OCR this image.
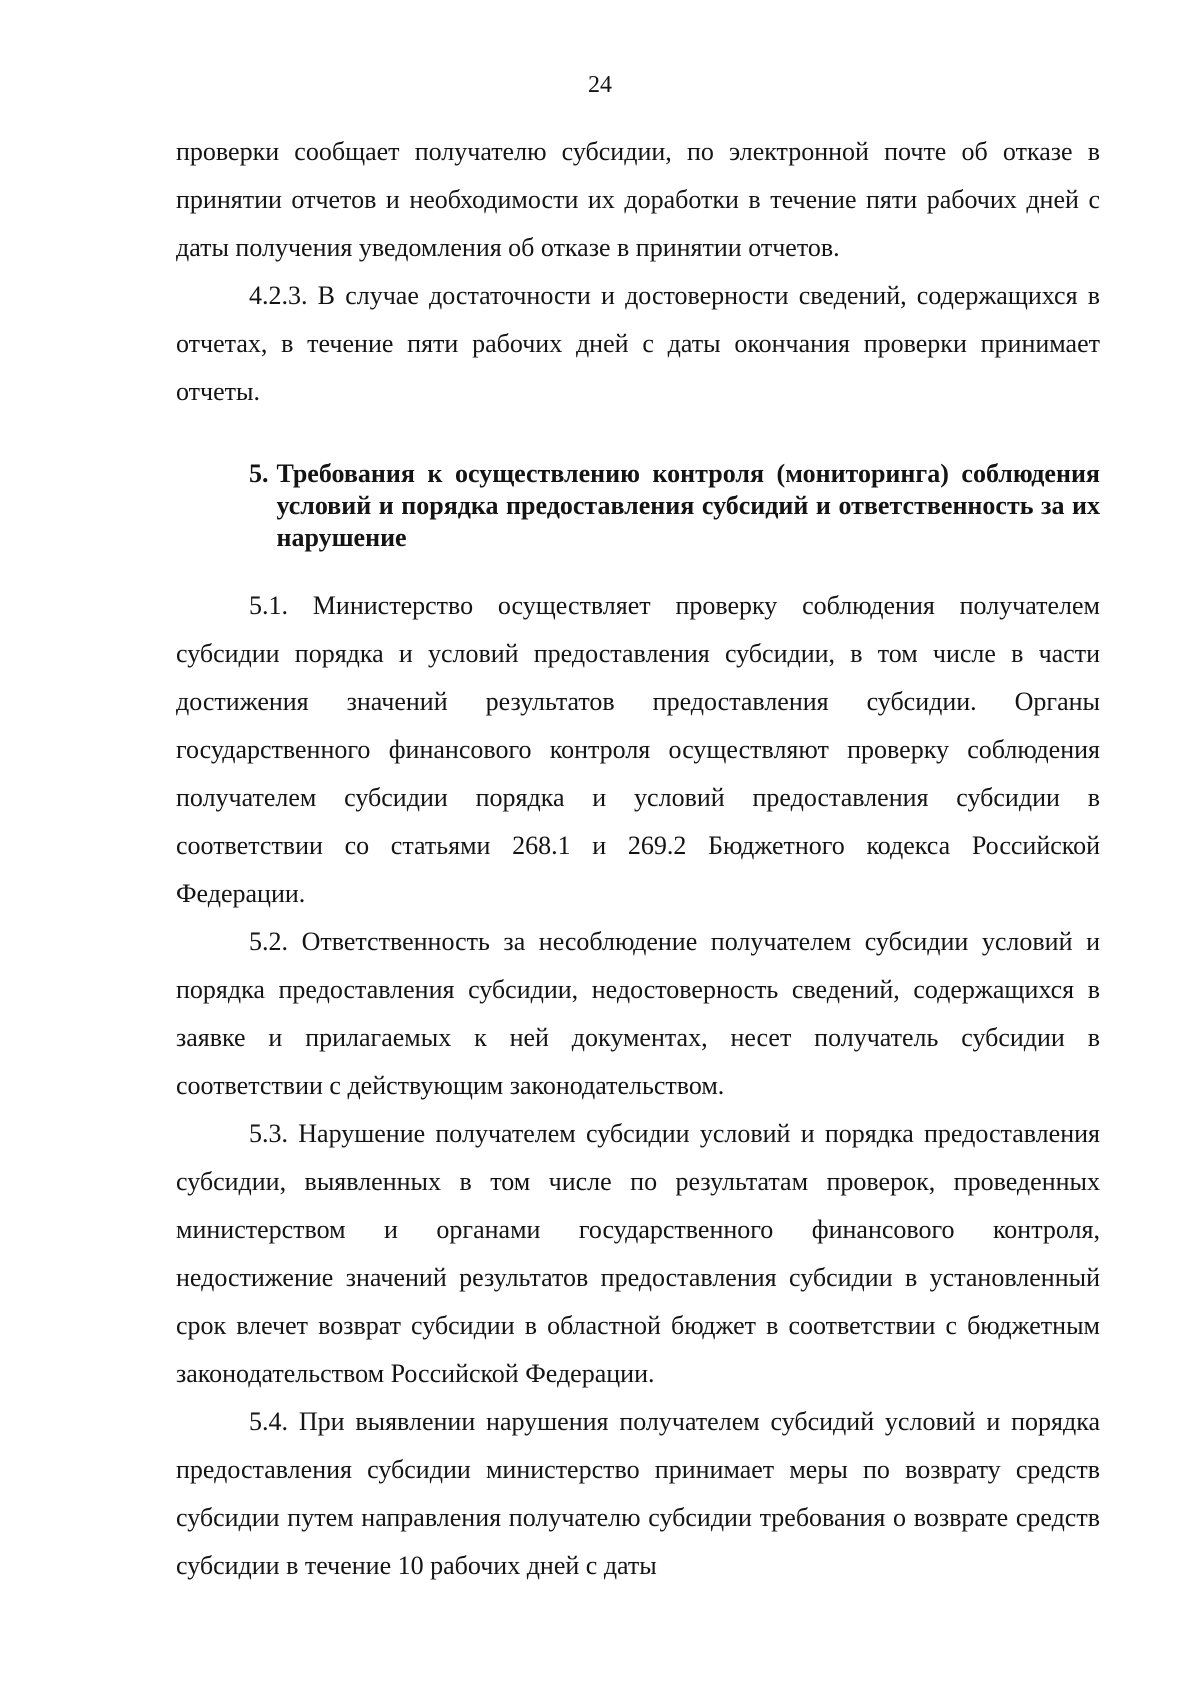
24

проверки сообщает получателю субсидии, по электронной почте об отказе в принятии отчетов и необходимости их доработки в течение пяти рабочих дней с даты получения уведомления об отказе в принятии отчетов.

4.2.3. В случае достаточности и достоверности сведений, содержащихся в отчетах, в течение пяти рабочих дней с даты окончания проверки принимает отчеты.

5. Требования к осуществлению контроля (мониторинга) соблюдения условий и порядка предоставления субсидий и ответственность за их нарушение

5.1. Министерство осуществляет проверку соблюдения получателем субсидии порядка и условий предоставления субсидии, в том числе в части достижения значений результатов предоставления субсидии. Органы государственного финансового контроля осуществляют проверку соблюдения получателем субсидии порядка и условий предоставления субсидии в соответствии со статьями 268.1 и 269.2 Бюджетного кодекса Российской Федерации.

5.2. Ответственность за несоблюдение получателем субсидии условий и порядка предоставления субсидии, недостоверность сведений, содержащихся в заявке и прилагаемых к ней документах, несет получатель субсидии в соответствии с действующим законодательством.

5.3. Нарушение получателем субсидии условий и порядка предоставления субсидии, выявленных в том числе по результатам проверок, проведенных министерством и органами государственного финансового контроля, недостижение значений результатов предоставления субсидии в установленный срок влечет возврат субсидии в областной бюджет в соответствии с бюджетным законодательством Российской Федерации.

5.4. При выявлении нарушения получателем субсидий условий и порядка предоставления субсидии министерство принимает меры по возврату средств субсидии путем направления получателю субсидии требования о возврате средств субсидии в течение 10 рабочих дней с даты
